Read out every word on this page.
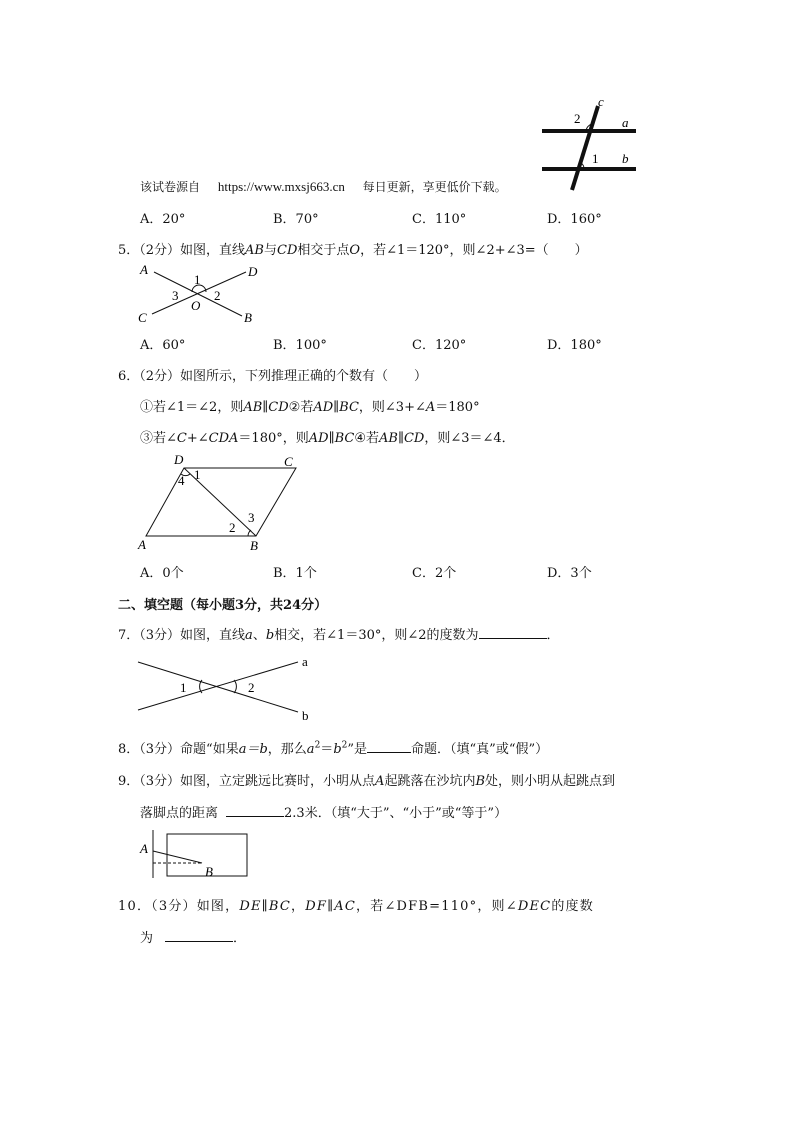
c
a
b
2
1
该试卷源自 https://www.mxsj663.cn 每日更新，享更低价下载。
A．20°	B．70°	C．110°	D．160°
5．（2分）如图，直线AB与CD相交于点O，若∠1＝120°，则∠2+∠3=（　　）
A	D
C	B
O
1
2
3
A．60°	B．100°	C．120°	D．180°
6．（2分）如图所示，下列推理正确的个数有（　　）
①若∠1＝∠2，则AB∥CD②若AD∥BC，则∠3+∠A＝180°
③若∠C+∠CDA＝180°，则AD∥BC④若AB∥CD，则∠3＝∠4．
D	C
A	B
1
4
2
3
A．0个	B．1个	C．2个	D．3个
二、填空题（每小题3分，共24分）
7．（3分）如图，直线a、b相交，若∠1＝30°，则∠2的度数为	．
a
b
1	2
8．（3分）命题“如果a＝b，那么$a^2=b^2$”是	命题．（填“真”或“假”）
9．（3分）如图，立定跳远比赛时，小明从点A起跳落在沙坑内B处，则小明从起跳点到
落脚点的距离	2.3米．（填“大于”、“小于”或“等于”）
A
B
10．（3分）如图，DE∥BC，DF∥AC，若∠DFB=110°，则∠DEC的度数
为	．
